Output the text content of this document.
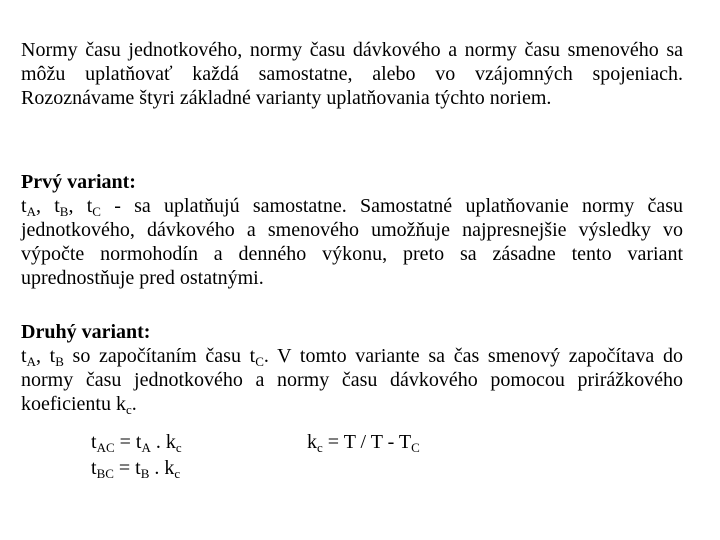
Normy času jednotkového, normy času dávkového a normy času smenového sa môžu uplatňovať každá samostatne, alebo vo vzájomných spojeniach. Rozoznávame štyri základné varianty uplatňovania týchto noriem.
Prvý variant:
$t_A$, $t_B$, $t_C$ - sa uplatňujú samostatne. Samostatné uplatňovanie normy času jednotkového, dávkového a smenového umožňuje najpresnejšie výsledky vo výpočte normohodín a denného výkonu, preto sa zásadne tento variant uprednostňuje pred ostatnými.
Druhý variant:
$t_A$, $t_B$ so započítaním času $t_C$. V tomto variante sa čas smenový započítava do normy času jednotkového a normy času dávkového pomocou prirážkového koeficientu $k_c$.
$t_{AC} = t_A$ . $k_c$	$k_c = T / T - T_C$
$t_{BC} = t_B$ . $k_c$
